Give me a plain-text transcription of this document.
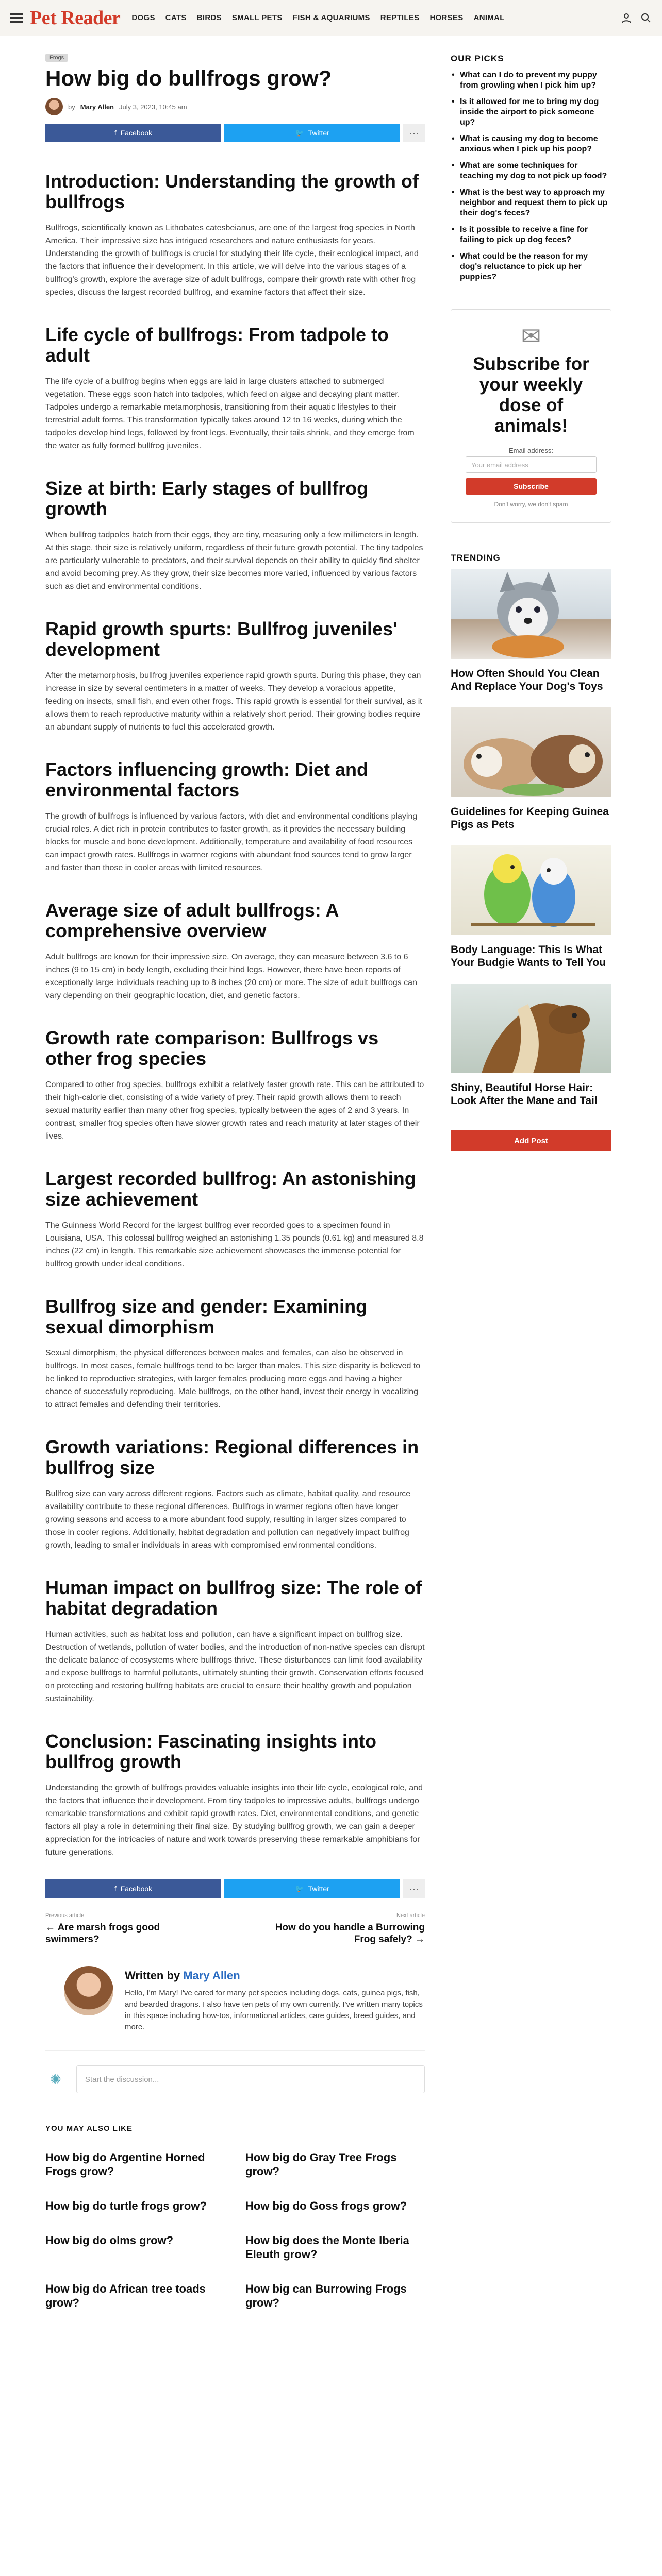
Pet Reader DOGS CATS BIRDS SMALL PETS FISH & AQUARIUMS REPTILES HORSES ANIMAL
Frogs
How big do bullfrogs grow?
by Mary Allen July 3, 2023, 10:45 am
f Facebook	🐦 Twitter	···
Introduction: Understanding the growth of bullfrogs

Bullfrogs, scientifically known as Lithobates catesbeianus, are one of the largest frog species in North America. Their impressive size has intrigued researchers and nature enthusiasts for years. Understanding the growth of bullfrogs is crucial for studying their life cycle, their ecological impact, and the factors that influence their development. In this article, we will delve into the various stages of a bullfrog's growth, explore the average size of adult bullfrogs, compare their growth rate with other frog species, discuss the largest recorded bullfrog, and examine factors that affect their size.

Life cycle of bullfrogs: From tadpole to adult

The life cycle of a bullfrog begins when eggs are laid in large clusters attached to submerged vegetation. These eggs soon hatch into tadpoles, which feed on algae and decaying plant matter. Tadpoles undergo a remarkable metamorphosis, transitioning from their aquatic lifestyles to their terrestrial adult forms. This transformation typically takes around 12 to 16 weeks, during which the tadpoles develop hind legs, followed by front legs. Eventually, their tails shrink, and they emerge from the water as fully formed bullfrog juveniles.

Size at birth: Early stages of bullfrog growth

When bullfrog tadpoles hatch from their eggs, they are tiny, measuring only a few millimeters in length. At this stage, their size is relatively uniform, regardless of their future growth potential. The tiny tadpoles are particularly vulnerable to predators, and their survival depends on their ability to quickly find shelter and avoid becoming prey. As they grow, their size becomes more varied, influenced by various factors such as diet and environmental conditions.

Rapid growth spurts: Bullfrog juveniles' development

After the metamorphosis, bullfrog juveniles experience rapid growth spurts. During this phase, they can increase in size by several centimeters in a matter of weeks. They develop a voracious appetite, feeding on insects, small fish, and even other frogs. This rapid growth is essential for their survival, as it allows them to reach reproductive maturity within a relatively short period. Their growing bodies require an abundant supply of nutrients to fuel this accelerated growth.

Factors influencing growth: Diet and environmental factors

The growth of bullfrogs is influenced by various factors, with diet and environmental conditions playing crucial roles. A diet rich in protein contributes to faster growth, as it provides the necessary building blocks for muscle and bone development. Additionally, temperature and availability of food resources can impact growth rates. Bullfrogs in warmer regions with abundant food sources tend to grow larger and faster than those in cooler areas with limited resources.

Average size of adult bullfrogs: A comprehensive overview

Adult bullfrogs are known for their impressive size. On average, they can measure between 3.6 to 6 inches (9 to 15 cm) in body length, excluding their hind legs. However, there have been reports of exceptionally large individuals reaching up to 8 inches (20 cm) or more. The size of adult bullfrogs can vary depending on their geographic location, diet, and genetic factors.

Growth rate comparison: Bullfrogs vs other frog species

Compared to other frog species, bullfrogs exhibit a relatively faster growth rate. This can be attributed to their high-calorie diet, consisting of a wide variety of prey. Their rapid growth allows them to reach sexual maturity earlier than many other frog species, typically between the ages of 2 and 3 years. In contrast, smaller frog species often have slower growth rates and reach maturity at later stages of their lives.

Largest recorded bullfrog: An astonishing size achievement

The Guinness World Record for the largest bullfrog ever recorded goes to a specimen found in Louisiana, USA. This colossal bullfrog weighed an astonishing 1.35 pounds (0.61 kg) and measured 8.8 inches (22 cm) in length. This remarkable size achievement showcases the immense potential for bullfrog growth under ideal conditions.

Bullfrog size and gender: Examining sexual dimorphism

Sexual dimorphism, the physical differences between males and females, can also be observed in bullfrogs. In most cases, female bullfrogs tend to be larger than males. This size disparity is believed to be linked to reproductive strategies, with larger females producing more eggs and having a higher chance of successfully reproducing. Male bullfrogs, on the other hand, invest their energy in vocalizing to attract females and defending their territories.

Growth variations: Regional differences in bullfrog size

Bullfrog size can vary across different regions. Factors such as climate, habitat quality, and resource availability contribute to these regional differences. Bullfrogs in warmer regions often have longer growing seasons and access to a more abundant food supply, resulting in larger sizes compared to those in cooler regions. Additionally, habitat degradation and pollution can negatively impact bullfrog growth, leading to smaller individuals in areas with compromised environmental conditions.

Human impact on bullfrog size: The role of habitat degradation

Human activities, such as habitat loss and pollution, can have a significant impact on bullfrog size. Destruction of wetlands, pollution of water bodies, and the introduction of non-native species can disrupt the delicate balance of ecosystems where bullfrogs thrive. These disturbances can limit food availability and expose bullfrogs to harmful pollutants, ultimately stunting their growth. Conservation efforts focused on protecting and restoring bullfrog habitats are crucial to ensure their healthy growth and population sustainability.

Conclusion: Fascinating insights into bullfrog growth

Understanding the growth of bullfrogs provides valuable insights into their life cycle, ecological role, and the factors that influence their development. From tiny tadpoles to impressive adults, bullfrogs undergo remarkable transformations and exhibit rapid growth rates. Diet, environmental conditions, and genetic factors all play a role in determining their final size. By studying bullfrog growth, we can gain a deeper appreciation for the intricacies of nature and work towards preserving these remarkable amphibians for future generations.

f Facebook	🐦 Twitter	···
Previous article
← Are marsh frogs good swimmers?
Next article
How do you handle a Burrowing Frog safely? →
Written by Mary Allen

Hello, I'm Mary! I've cared for many pet species including dogs, cats, guinea pigs, fish, and bearded dragons. I also have ten pets of my own currently. I've written many topics in this space including how-tos, informational articles, care guides, breed guides, and more.

✺	Start the discussion...
YOU MAY ALSO LIKE
How big do Argentine Horned Frogs grow?
How big do Gray Tree Frogs grow?
How big do turtle frogs grow?	How big do Goss frogs grow?
How big do olms grow?	How big does the Monte Iberia Eleuth grow?
How big do African tree toads grow?
How big can Burrowing Frogs grow?
OUR PICKS
• What can I do to prevent my puppy from growling when I pick him up?
• Is it allowed for me to bring my dog inside the airport to pick someone up?
• What is causing my dog to become anxious when I pick up his poop?
• What are some techniques for teaching my dog to not pick up food?
• What is the best way to approach my neighbor and request them to pick up their dog's feces?
• Is it possible to receive a fine for failing to pick up dog feces?
• What could be the reason for my dog's reluctance to pick up her puppies?
✉
Subscribe for your weekly dose of animals!
Email address:
Your email address
Subscribe
Don't worry, we don't spam
TRENDING
How Often Should You Clean And Replace Your Dog's Toys
Guidelines for Keeping Guinea Pigs as Pets
Body Language: This Is What Your Budgie Wants to Tell You
Shiny, Beautiful Horse Hair: Look After the Mane and Tail
Add Post
